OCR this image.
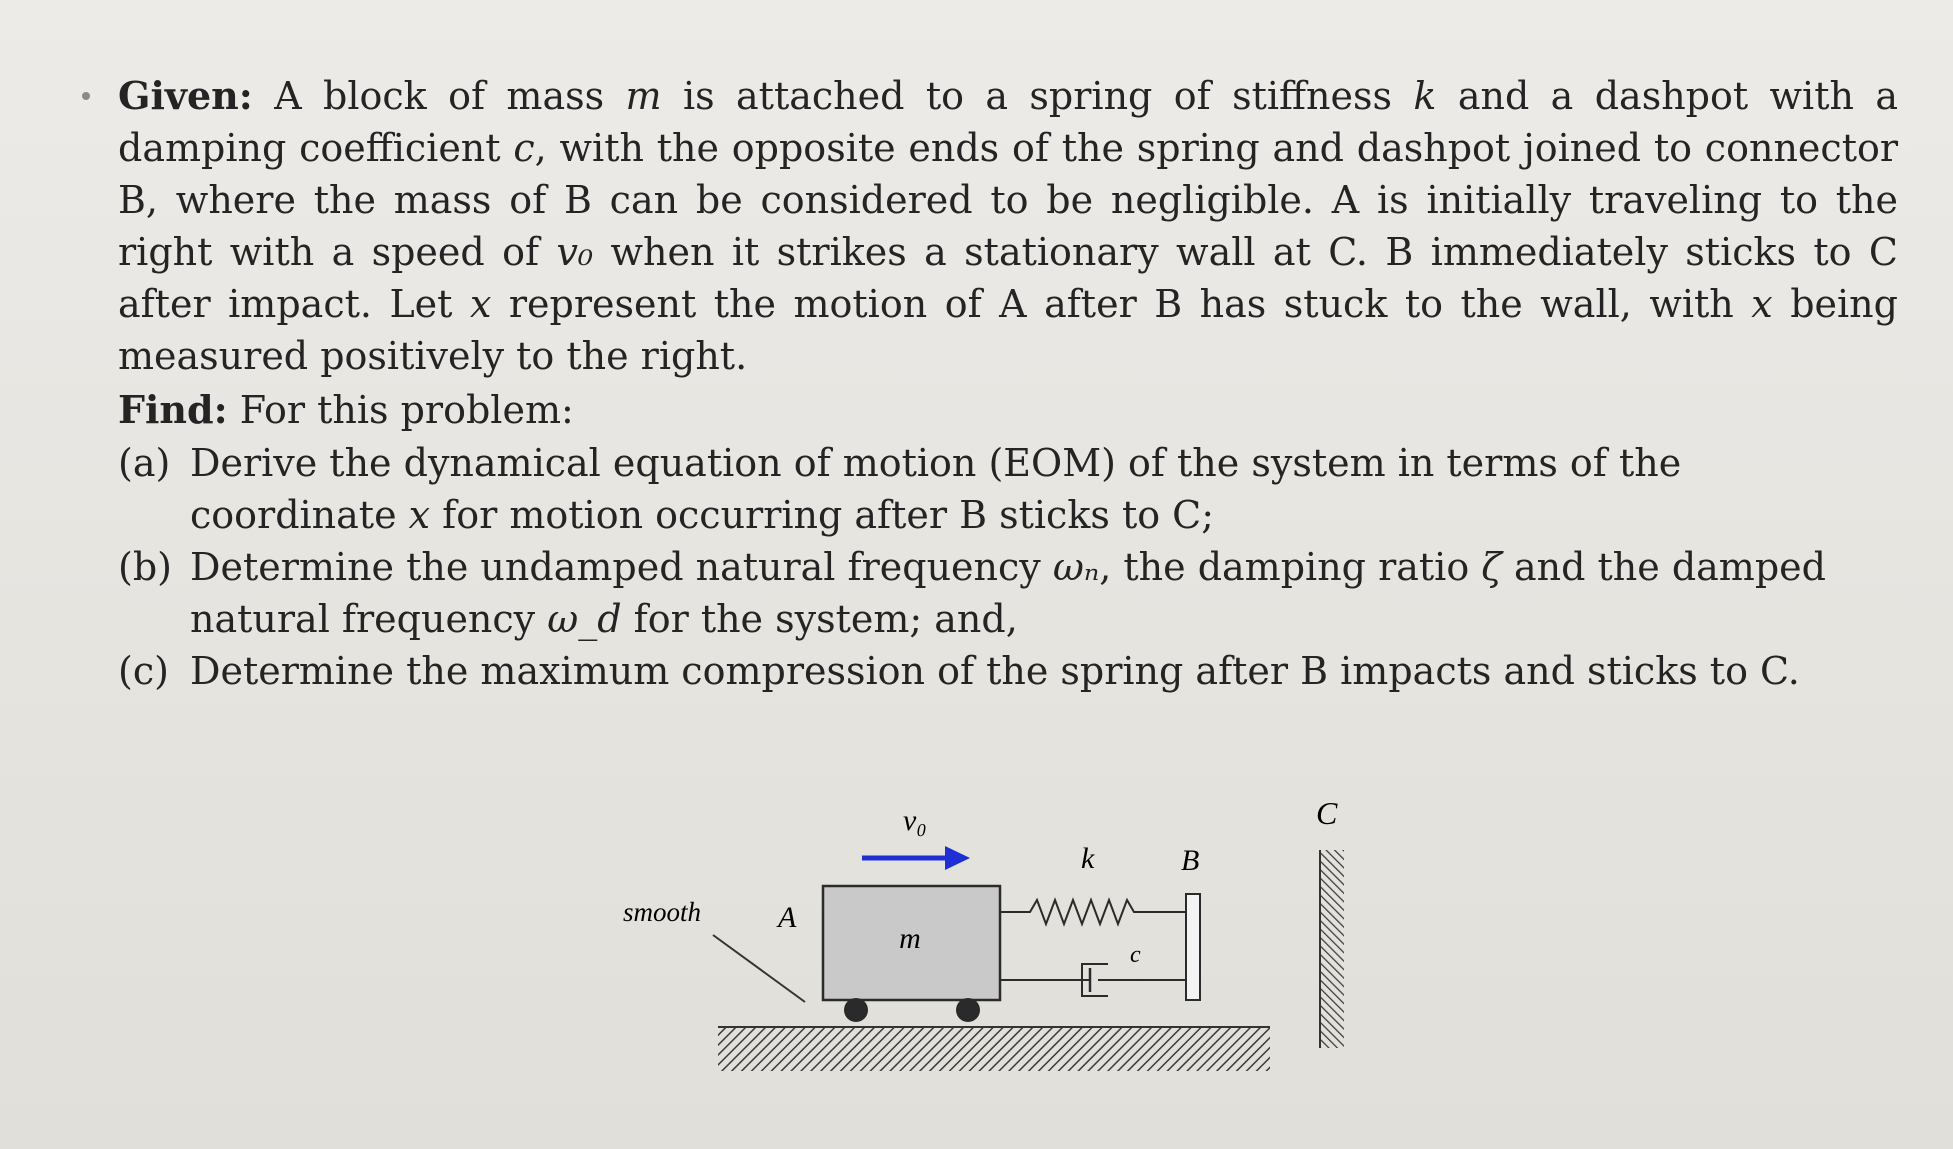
Given: A block of mass m is attached to a spring of stiffness k and a dashpot with a damping coefficient c, with the opposite ends of the spring and dashpot joined to connector B, where the mass of B can be considered to be negligible. A is initially traveling to the right with a speed of v₀ when it strikes a stationary wall at C. B immediately sticks to C after impact. Let x represent the motion of A after B has stuck to the wall, with x being measured positively to the right.
Find: For this problem:
(a) Derive the dynamical equation of motion (EOM) of the system in terms of the coordinate x for motion occurring after B sticks to C;
(b) Determine the undamped natural frequency ωₙ, the damping ratio ζ and the damped natural frequency ω_d for the system; and,
(c) Determine the maximum compression of the spring after B impacts and sticks to C.
v₀
k	B
C
A
smooth
m	c
